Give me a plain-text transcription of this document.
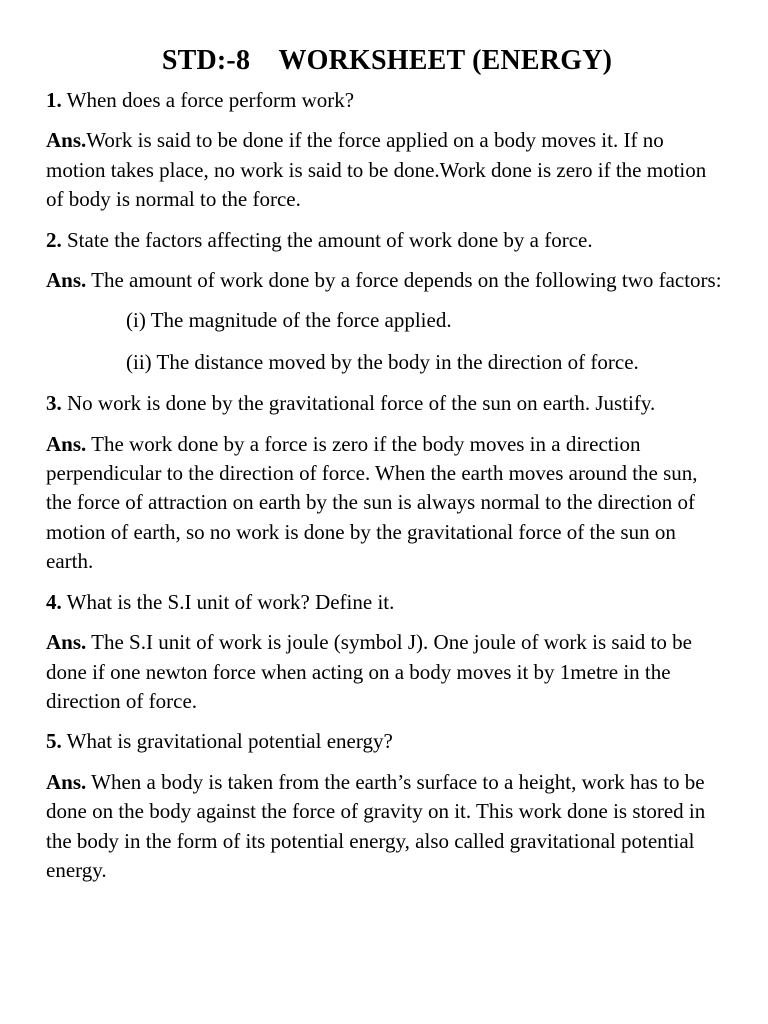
STD:-8    WORKSHEET (ENERGY)

1. When does a force perform work?

Ans.Work is said to be done if the force applied on a body moves it. If no motion takes place, no work is said to be done.Work done is zero if the motion of body is normal to the force.

2. State the factors affecting the amount of work done by a force.

Ans. The amount of work done by a force depends on the following two factors:

(i) The magnitude of the force applied.

(ii) The distance moved by the body in the direction of force.

3. No work is done by the gravitational force of the sun on earth. Justify.

Ans. The work done by a force is zero if the body moves in a direction perpendicular to the direction of force. When the earth moves around the sun, the force of attraction on earth by the sun is always normal to the direction of motion of earth, so no work is done by the gravitational force of the sun on earth.

4. What is the S.I unit of work? Define it.

Ans. The S.I unit of work is joule (symbol J). One joule of work is said to be done if one newton force when acting on a body moves it by 1metre in the direction of force.

5. What is gravitational potential energy?

Ans. When a body is taken from the earth’s surface to a height, work has to be done on the body against the force of gravity on it. This work done is stored in the body in the form of its potential energy, also called gravitational potential energy.
